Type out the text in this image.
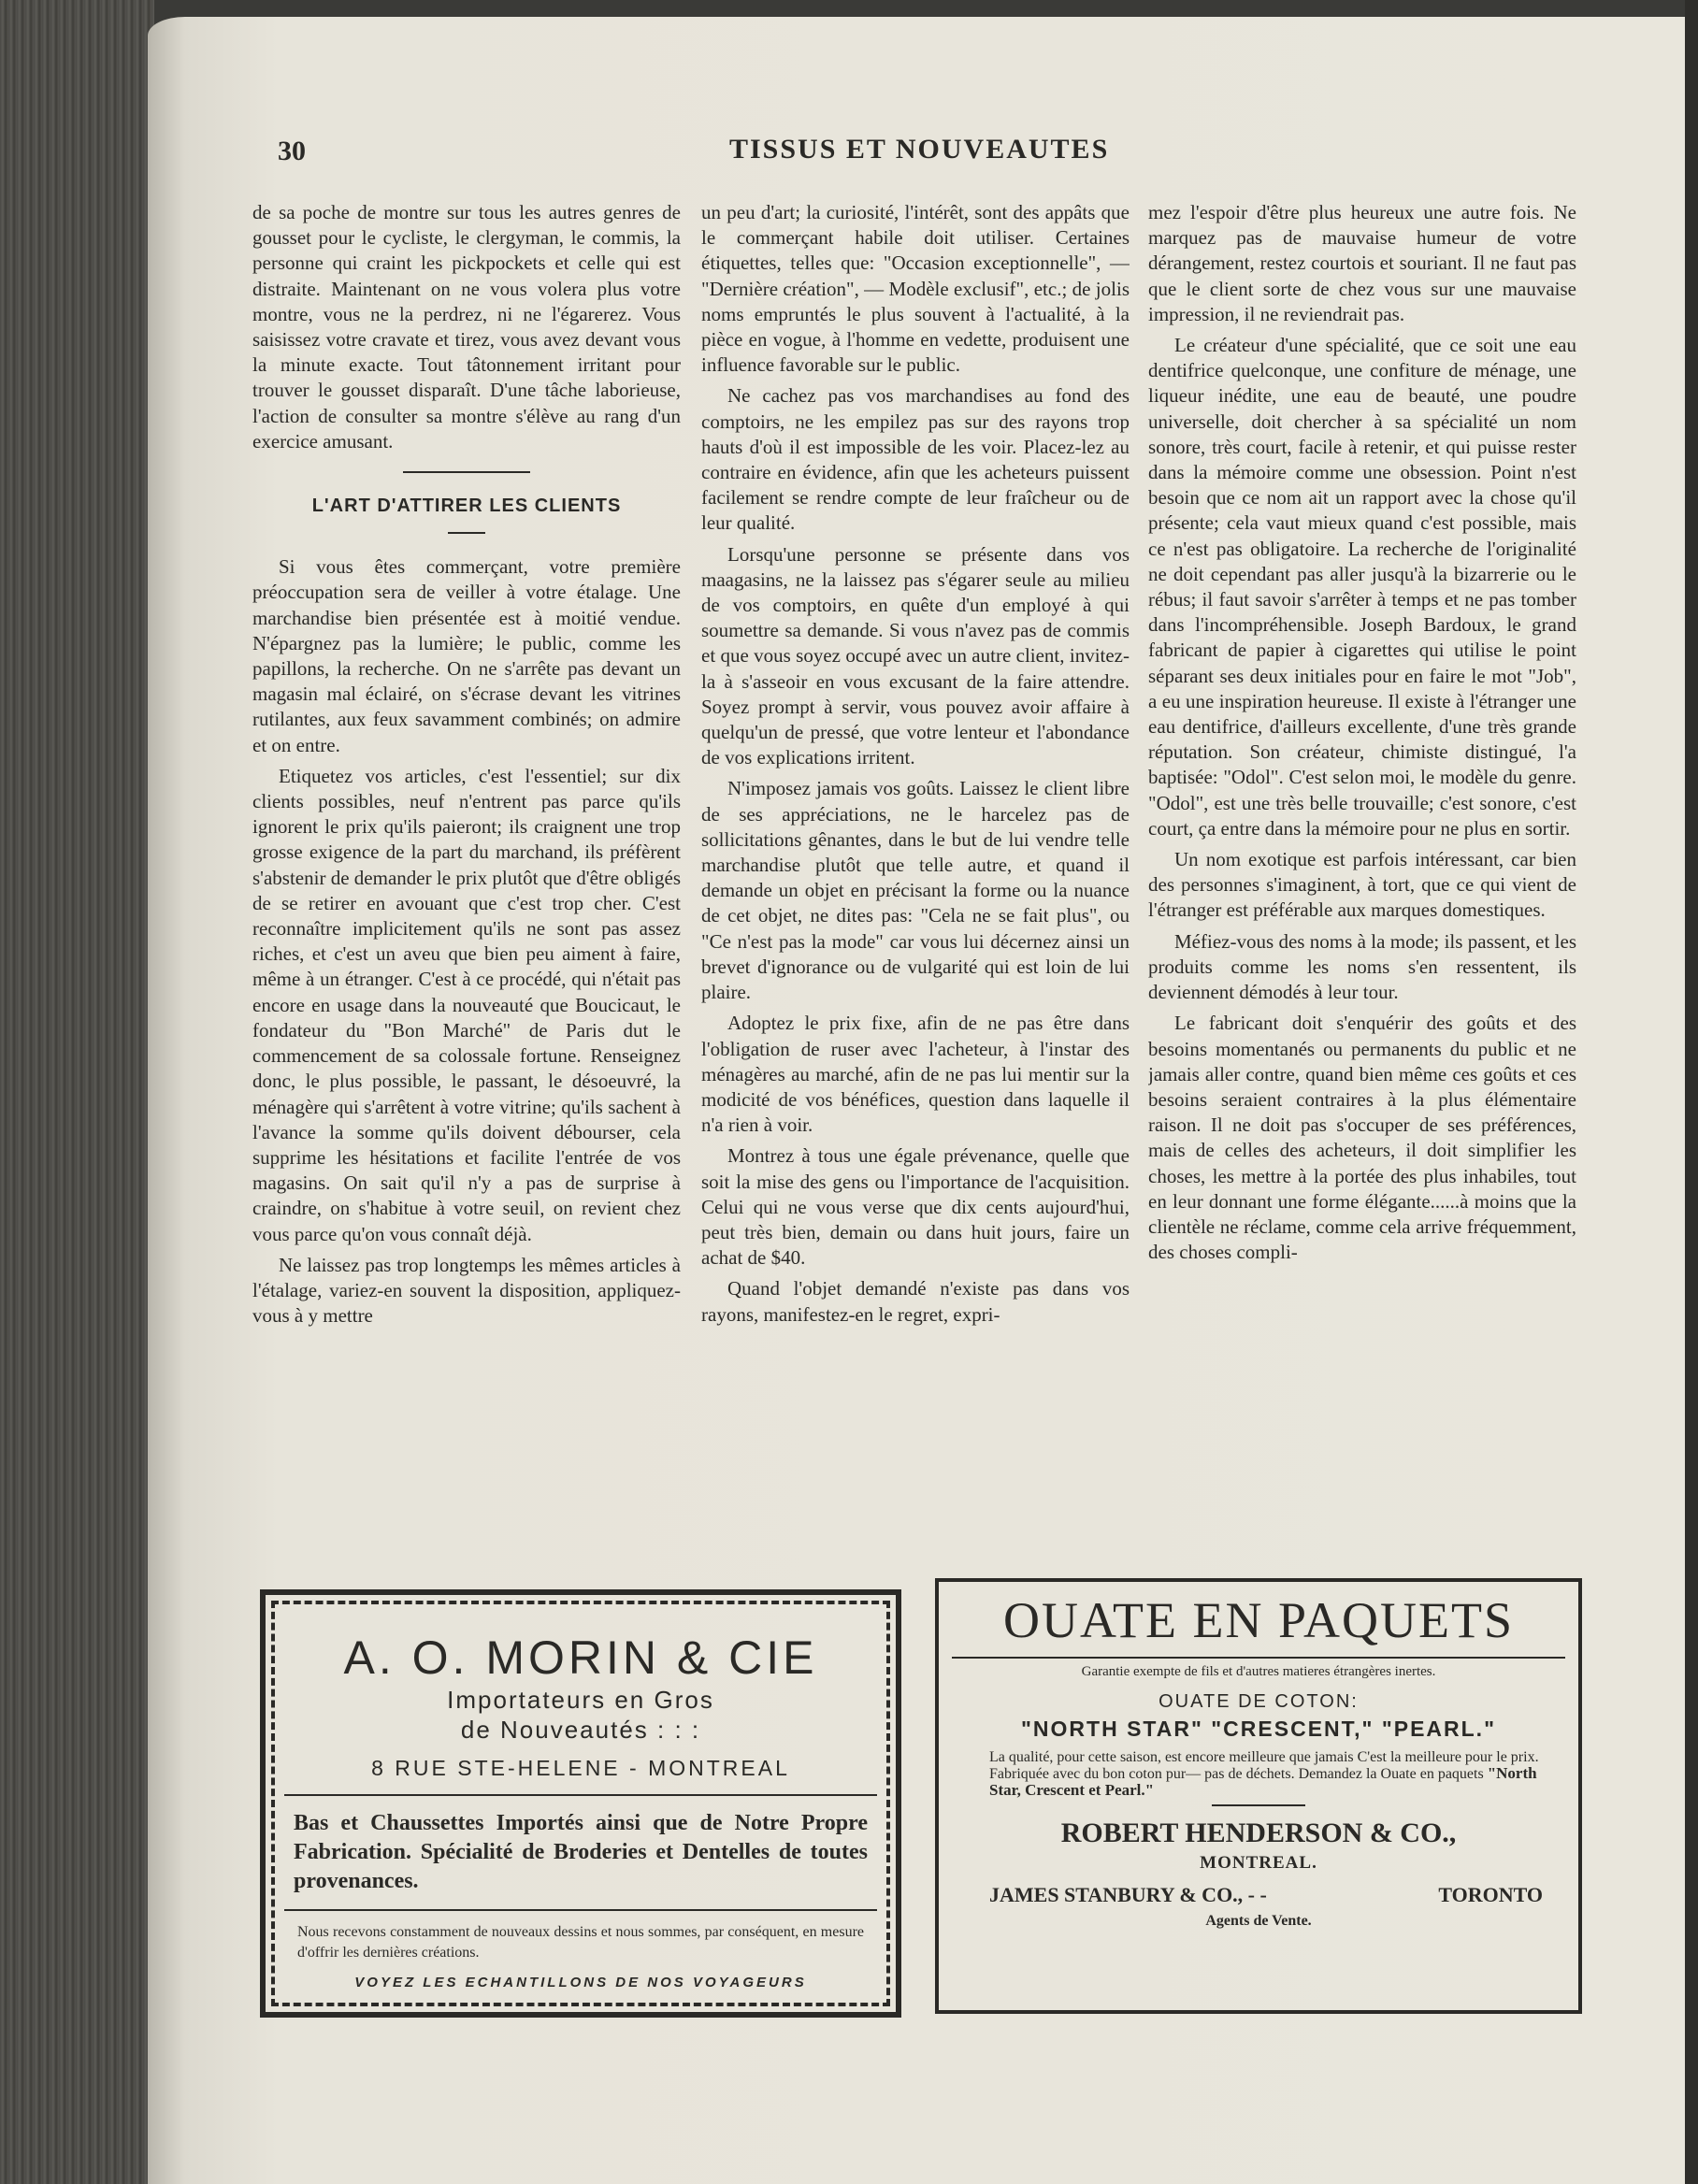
30	TISSUS ET NOUVEAUTES

de sa poche de montre sur tous les autres genres de gousset pour le cycliste, le clergyman, le commis, la personne qui craint les pickpockets et celle qui est distraite. Maintenant on ne vous volera plus votre montre, vous ne la perdrez, ni ne l'égarerez. Vous saisissez votre cravate et tirez, vous avez devant vous la minute exacte. Tout tâtonnement irritant pour trouver le gousset disparaît. D'une tâche laborieuse, l'action de consulter sa montre s'élève au rang d'un exercice amusant.

L'ART D'ATTIRER LES CLIENTS

Si vous êtes commerçant, votre première préoccupation sera de veiller à votre étalage. Une marchandise bien présentée est à moitié vendue. N'épargnez pas la lumière; le public, comme les papillons, la recherche. On ne s'arrête pas devant un magasin mal éclairé, on s'écrase devant les vitrines rutilantes, aux feux savamment combinés; on admire et on entre.

Etiquetez vos articles, c'est l'essentiel; sur dix clients possibles, neuf n'entrent pas parce qu'ils ignorent le prix qu'ils paieront; ils craignent une trop grosse exigence de la part du marchand, ils préfèrent s'abstenir de demander le prix plutôt que d'être obligés de se retirer en avouant que c'est trop cher. C'est reconnaître implicitement qu'ils ne sont pas assez riches, et c'est un aveu que bien peu aiment à faire, même à un étranger. C'est à ce procédé, qui n'était pas encore en usage dans la nouveauté que Boucicaut, le fondateur du "Bon Marché" de Paris dut le commencement de sa colossale fortune. Renseignez donc, le plus possible, le passant, le désoeuvré, la ménagère qui s'arrêtent à votre vitrine; qu'ils sachent à l'avance la somme qu'ils doivent débourser, cela supprime les hésitations et facilite l'entrée de vos magasins. On sait qu'il n'y a pas de surprise à craindre, on s'habitue à votre seuil, on revient chez vous parce qu'on vous connaît déjà.

Ne laissez pas trop longtemps les mêmes articles à l'étalage, variez-en souvent la disposition, appliquez-vous à y mettre

un peu d'art; la curiosité, l'intérêt, sont des appâts que le commerçant habile doit utiliser. Certaines étiquettes, telles que: "Occasion exceptionnelle", — "Dernière création", — Modèle exclusif", etc.; de jolis noms empruntés le plus souvent à l'actualité, à la pièce en vogue, à l'homme en vedette, produisent une influence favorable sur le public.

Ne cachez pas vos marchandises au fond des comptoirs, ne les empilez pas sur des rayons trop hauts d'où il est impossible de les voir. Placez-lez au contraire en évidence, afin que les acheteurs puissent facilement se rendre compte de leur fraîcheur ou de leur qualité.

Lorsqu'une personne se présente dans vos maagasins, ne la laissez pas s'égarer seule au milieu de vos comptoirs, en quête d'un employé à qui soumettre sa demande. Si vous n'avez pas de commis et que vous soyez occupé avec un autre client, invitez-la à s'asseoir en vous excusant de la faire attendre. Soyez prompt à servir, vous pouvez avoir affaire à quelqu'un de pressé, que votre lenteur et l'abondance de vos explications irritent.

N'imposez jamais vos goûts. Laissez le client libre de ses appréciations, ne le harcelez pas de sollicitations gênantes, dans le but de lui vendre telle marchandise plutôt que telle autre, et quand il demande un objet en précisant la forme ou la nuance de cet objet, ne dites pas: "Cela ne se fait plus", ou "Ce n'est pas la mode" car vous lui décernez ainsi un brevet d'ignorance ou de vulgarité qui est loin de lui plaire.

Adoptez le prix fixe, afin de ne pas être dans l'obligation de ruser avec l'acheteur, à l'instar des ménagères au marché, afin de ne pas lui mentir sur la modicité de vos bénéfices, question dans laquelle il n'a rien à voir.

Montrez à tous une égale prévenance, quelle que soit la mise des gens ou l'importance de l'acquisition. Celui qui ne vous verse que dix cents aujourd'hui, peut très bien, demain ou dans huit jours, faire un achat de $40.

Quand l'objet demandé n'existe pas dans vos rayons, manifestez-en le regret, expri-

mez l'espoir d'être plus heureux une autre fois. Ne marquez pas de mauvaise humeur de votre dérangement, restez courtois et souriant. Il ne faut pas que le client sorte de chez vous sur une mauvaise impression, il ne reviendrait pas.

Le créateur d'une spécialité, que ce soit une eau dentifrice quelconque, une confiture de ménage, une liqueur inédite, une eau de beauté, une poudre universelle, doit chercher à sa spécialité un nom sonore, très court, facile à retenir, et qui puisse rester dans la mémoire comme une obsession. Point n'est besoin que ce nom ait un rapport avec la chose qu'il présente; cela vaut mieux quand c'est possible, mais ce n'est pas obligatoire. La recherche de l'originalité ne doit cependant pas aller jusqu'à la bizarrerie ou le rébus; il faut savoir s'arrêter à temps et ne pas tomber dans l'incompréhensible. Joseph Bardoux, le grand fabricant de papier à cigarettes qui utilise le point séparant ses deux initiales pour en faire le mot "Job", a eu une inspiration heureuse. Il existe à l'étranger une eau dentifrice, d'ailleurs excellente, d'une très grande réputation. Son créateur, chimiste distingué, l'a baptisée: "Odol". C'est selon moi, le modèle du genre. "Odol", est une très belle trouvaille; c'est sonore, c'est court, ça entre dans la mémoire pour ne plus en sortir.

Un nom exotique est parfois intéressant, car bien des personnes s'imaginent, à tort, que ce qui vient de l'étranger est préférable aux marques domestiques.

Méfiez-vous des noms à la mode; ils passent, et les produits comme les noms s'en ressentent, ils deviennent démodés à leur tour.

Le fabricant doit s'enquérir des goûts et des besoins momentanés ou permanents du public et ne jamais aller contre, quand bien même ces goûts et ces besoins seraient contraires à la plus élémentaire raison. Il ne doit pas s'occuper de ses préférences, mais de celles des acheteurs, il doit simplifier les choses, les mettre à la portée des plus inhabiles, tout en leur donnant une forme élégante......à moins que la clientèle ne réclame, comme cela arrive fréquemment, des choses compli-

A. O. MORIN & CIE
Importateurs en Gros
de Nouveautés : : :
8 RUE STE-HELENE - MONTREAL
Bas et Chaussettes Importés ainsi que de Notre Propre Fabrication. Spécialité de Broderies et Dentelles de toutes provenances.
Nous recevons constamment de nouveaux dessins et nous sommes, par conséquent, en mesure d'offrir les dernières créations.
VOYEZ LES ECHANTILLONS DE NOS VOYAGEURS
OUATE EN PAQUETS
Garantie exempte de fils et d'autres matieres étrangères inertes.
OUATE DE COTON:
"NORTH STAR" "CRESCENT," "PEARL."
La qualité, pour cette saison, est encore meilleure que jamais C'est la meilleure pour le prix. Fabriquée avec du bon coton pur— pas de déchets. Demandez la Ouate en paquets "North Star, Crescent et Pearl."
ROBERT HENDERSON & CO.,
MONTREAL.
JAMES STANBURY & CO., - -	TORONTO
Agents de Vente.
